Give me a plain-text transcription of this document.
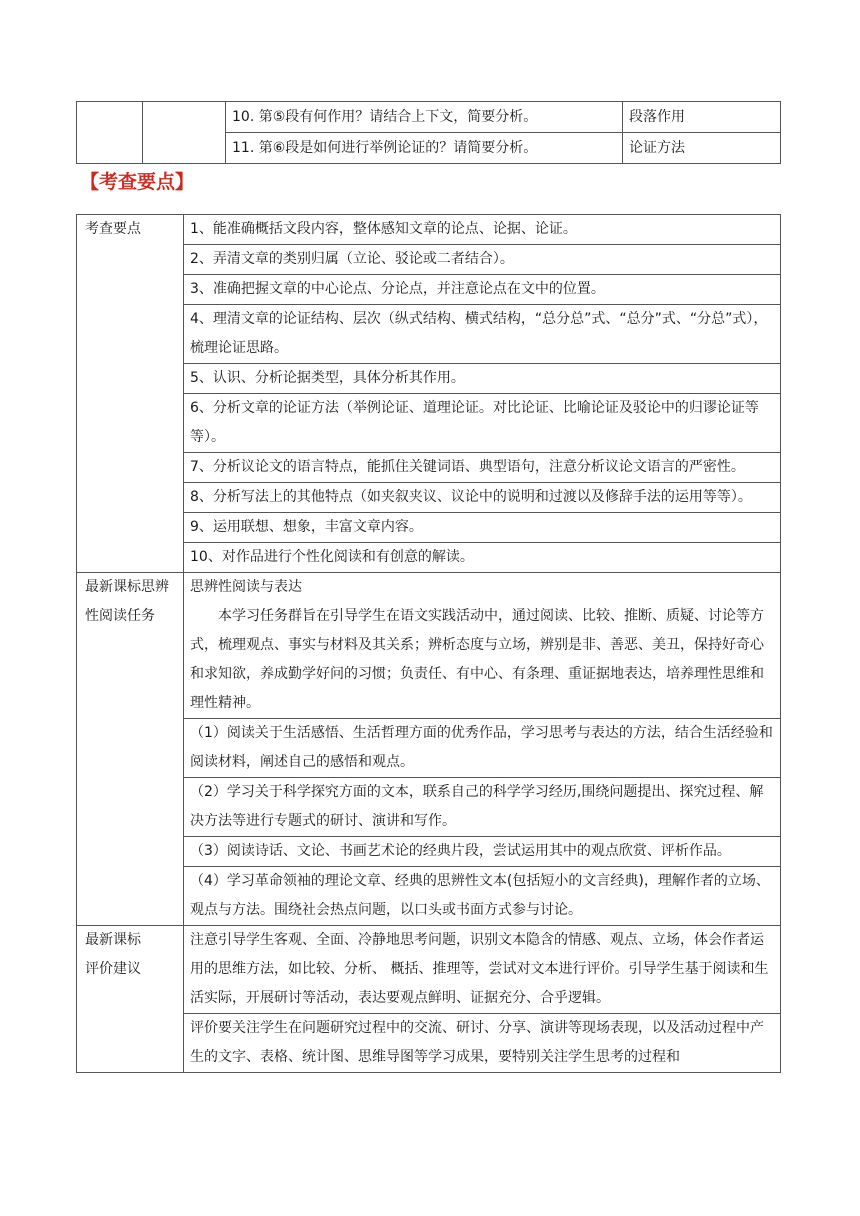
		10. 第⑤段有何作用？请结合上下文，简要分析。	段落作用
		11. 第⑥段是如何进行举例论证的？请简要分析。	论证方法
【考查要点】
考查要点	1、能准确概括文段内容，整体感知文章的论点、论据、论证。
	2、弄清文章的类别归属（立论、驳论或二者结合）。
	3、准确把握文章的中心论点、分论点，并注意论点在文中的位置。
	4、理清文章的论证结构、层次（纵式结构、横式结构，“总分总”式、“总分”式、“分总”式），梳理论证思路。
	5、认识、分析论据类型，具体分析其作用。
	6、分析文章的论证方法（举例论证、道理论证。对比论证、比喻论证及驳论中的归谬论证等等）。
	7、分析议论文的语言特点，能抓住关键词语、典型语句，注意分析议论文语言的严密性。
	8、分析写法上的其他特点（如夹叙夹议、议论中的说明和过渡以及修辞手法的运用等等）。
	9、运用联想、想象，丰富文章内容。
	10、对作品进行个性化阅读和有创意的解读。
最新课标思辨性阅读任务	思辨性阅读与表达
本学习任务群旨在引导学生在语文实践活动中，通过阅读、比较、推断、质疑、讨论等方式，梳理观点、事实与材料及其关系；辨析态度与立场，辨别是非、善恶、美丑，保持好奇心和求知欲，养成勤学好问的习惯；负责任、有中心、有条理、重证据地表达，培养理性思维和理性精神。

	（1）阅读关于生活感悟、生活哲理方面的优秀作品，学习思考与表达的方法，结合生活经验和阅读材料，阐述自己的感悟和观点。
	（2）学习关于科学探究方面的文本，联系自己的科学学习经历,围绕问题提出、探究过程、解决方法等进行专题式的研讨、演讲和写作。
	（3）阅读诗话、文论、书画艺术论的经典片段，尝试运用其中的观点欣赏、评析作品。
	（4）学习革命领袖的理论文章、经典的思辨性文本(包括短小的文言经典)，理解作者的立场、观点与方法。围绕社会热点问题，以口头或书面方式参与讨论。

最新课标
评价建议	注意引导学生客观、全面、冷静地思考问题，识别文本隐含的情感、观点、立场，体会作者运用的思维方法，如比较、分析、 概括、推理等，尝试对文本进行评价。引导学生基于阅读和生活实际，开展研讨等活动，表达要观点鲜明、证据充分、合乎逻辑。
	评价要关注学生在问题研究过程中的交流、研讨、分享、演讲等现场表现，以及活动过程中产生的文字、表格、统计图、思维导图等学习成果，要特别关注学生思考的过程和
